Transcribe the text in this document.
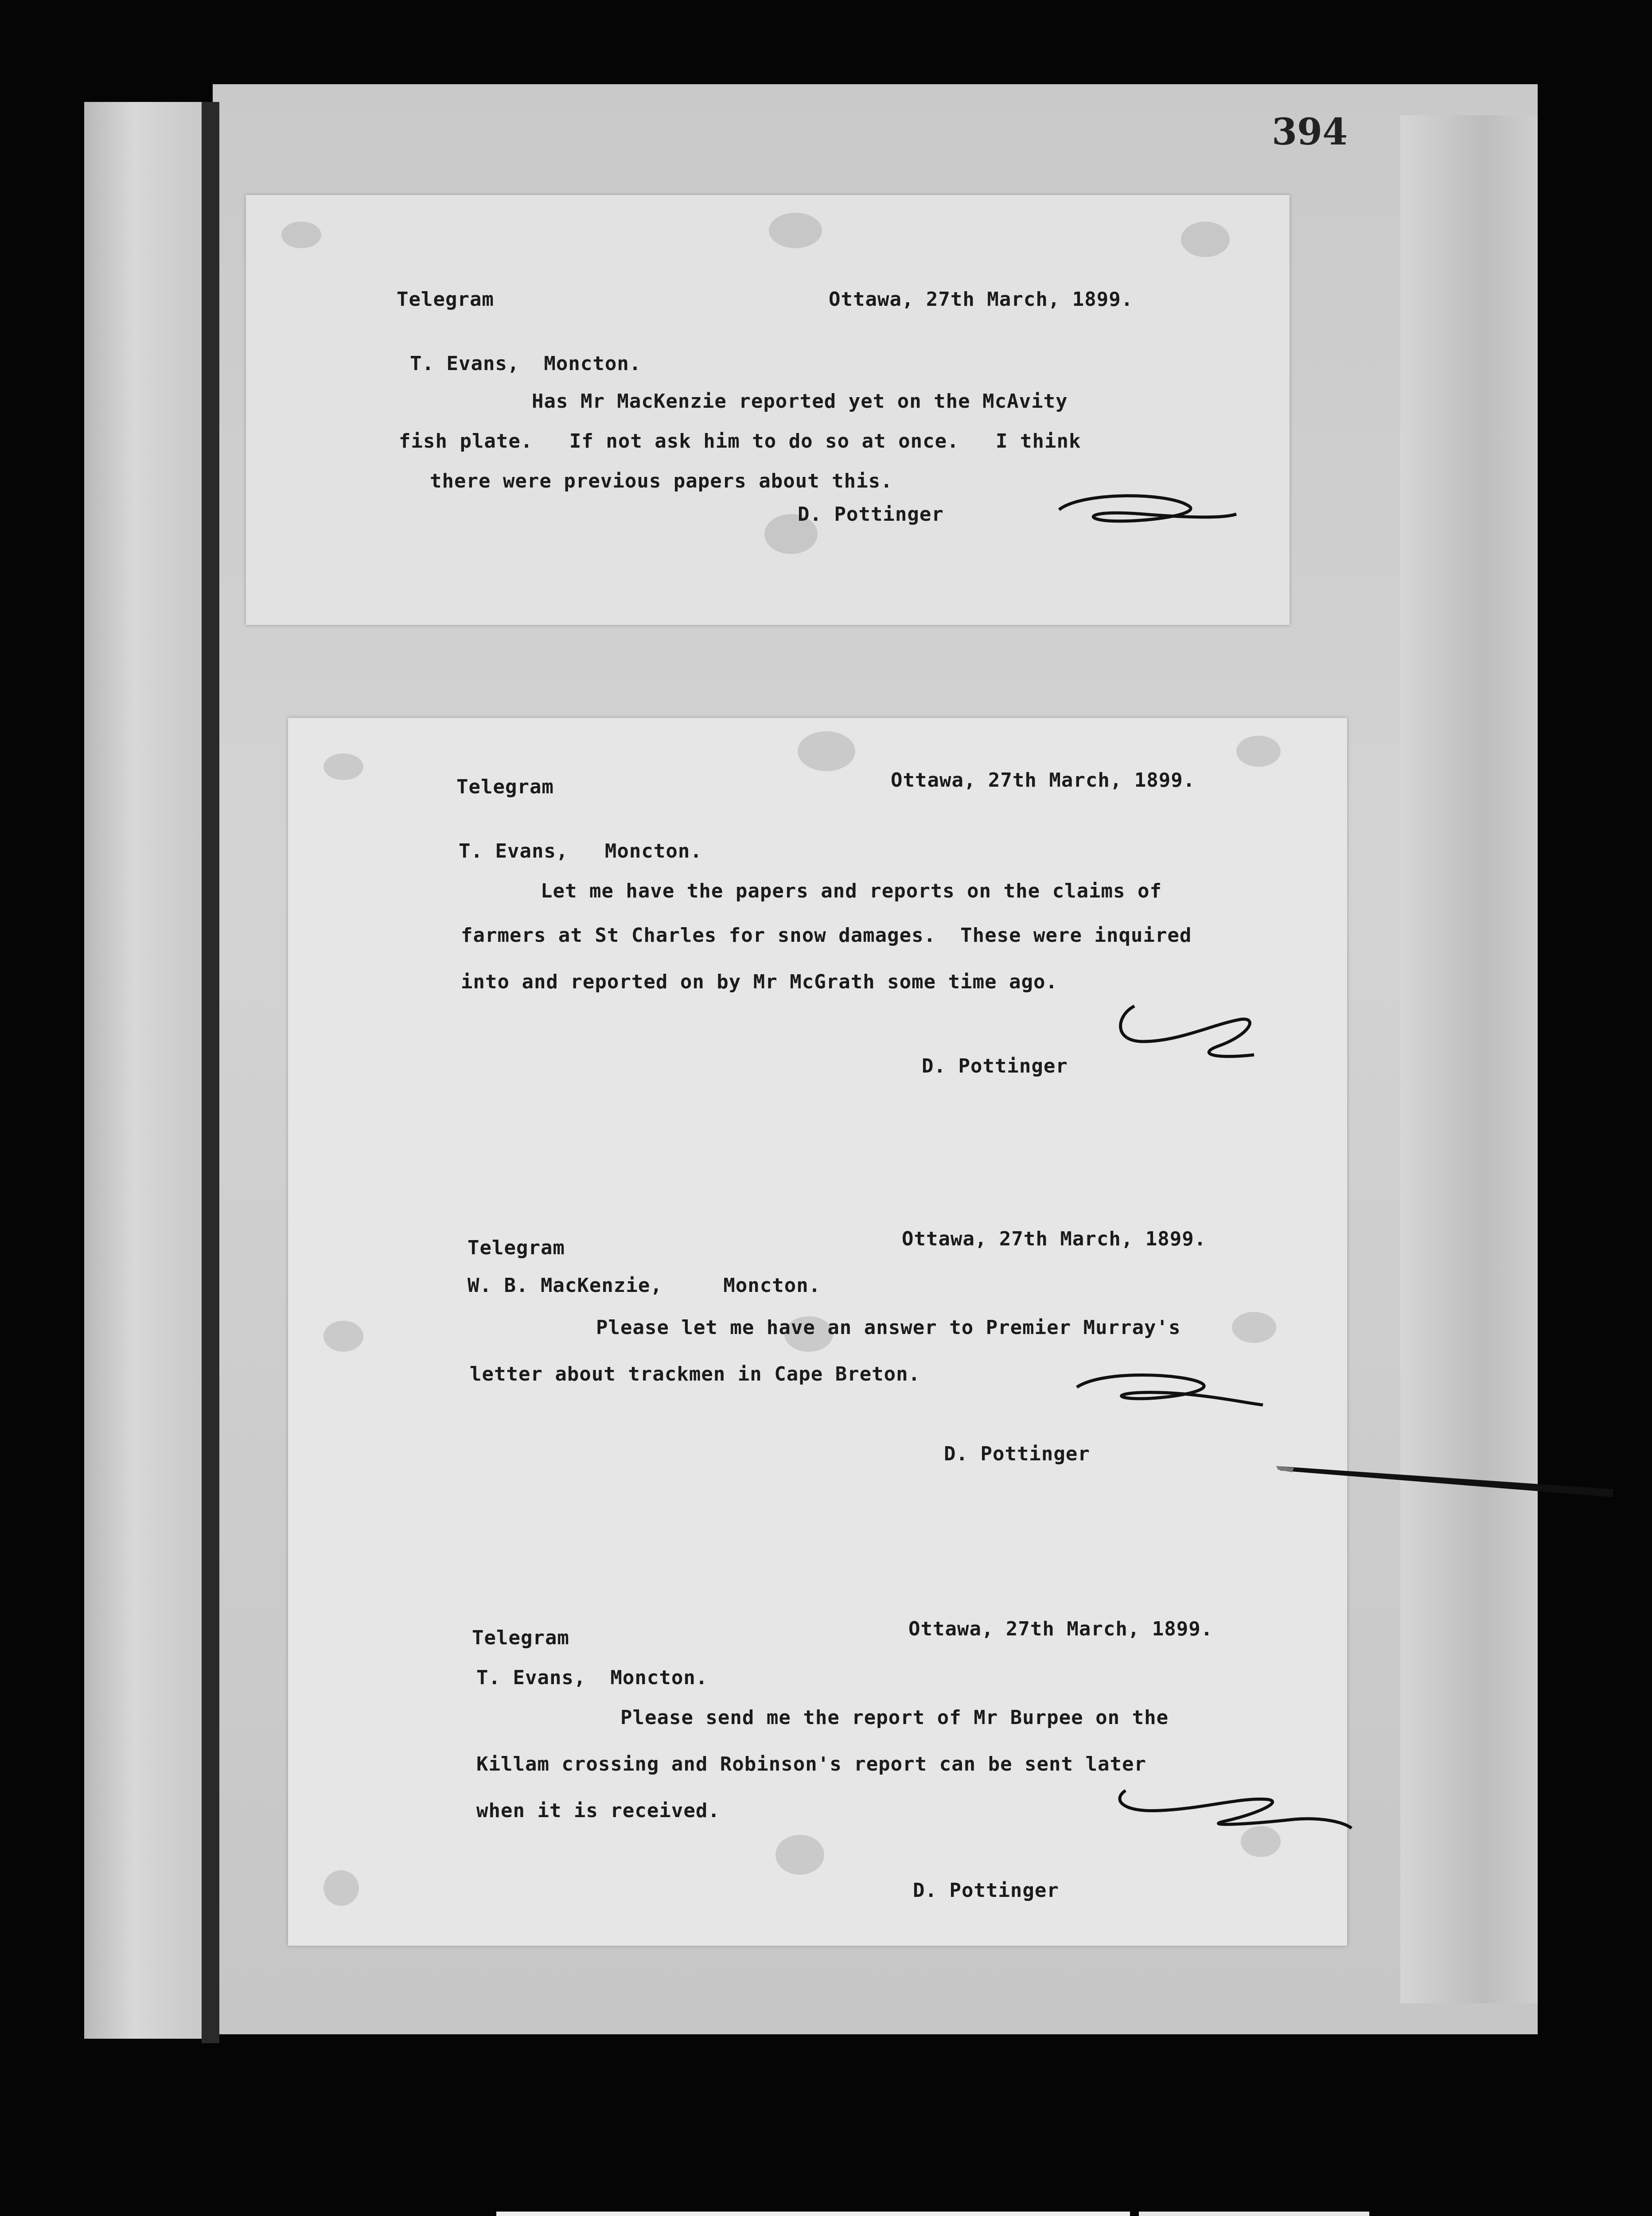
394

Telegram

	Ottawa, 27th March, 1899.

T. Evans,  Moncton.

Has Mr MacKenzie reported yet on the McAvity

fish plate.   If not ask him to do so at once.   I think

there were previous papers about this.

D. Pottinger

Telegram

	Ottawa, 27th March, 1899.

T. Evans,   Moncton.

Let me have the papers and reports on the claims of

farmers at St Charles for snow damages.  These were inquired

into and reported on by Mr McGrath some time ago.

D. Pottinger

Telegram

	Ottawa, 27th March, 1899.

W. B. MacKenzie,     Moncton.

Please let me have an answer to Premier Murray's

letter about trackmen in Cape Breton.

D. Pottinger

Telegram

	Ottawa, 27th March, 1899.

T. Evans,  Moncton.

Please send me the report of Mr Burpee on the

Killam crossing and Robinson's report can be sent later

when it is received.

D. Pottinger
